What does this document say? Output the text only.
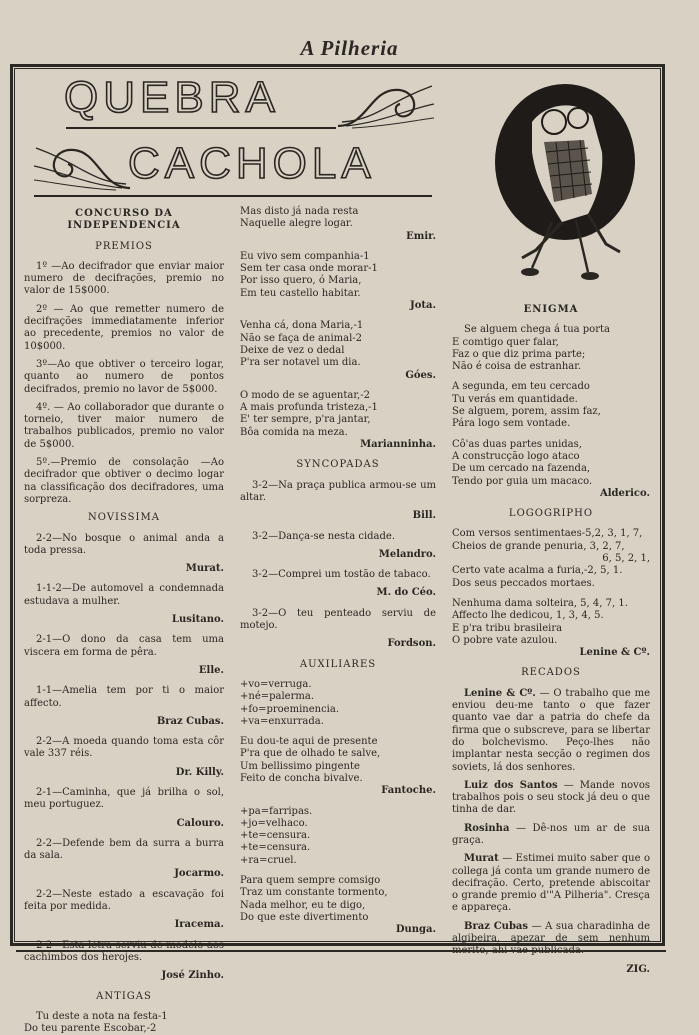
A Pilheria
QUEBRA
CACHOLA

CONCURSO DA INDEPENDENCIA

PREMIOS

1º —Ao decifrador que enviar maior numero de decifrações, premio no valor de 15$000.

2º — Ao que remetter numero de decifrações immediatamente inferior ao precedente, premios no valor de 10$000.

3º—Ao que obtiver o terceiro logar, quanto ao numero de pontos decifrados, premio no lavor de 5$000.

4º. — Ao collaborador que durante o torneio, tiver maior numero de trabalhos publicados, premio no valor de 5$000.

5º.—Premio de consolação —Ao decifrador que obtiver o decimo logar na classificação dos decifradores, uma sorpreza.

NOVISSIMA

2-2—No bosque o animal anda a toda pressa.

Murat.

1-1-2—De automovel a condemnada estudava a mulher.

Lusitano.

2-1—O dono da casa tem uma viscera em forma de pêra.

Elle.

1-1—Amelia tem por ti o maior affecto.

Braz Cubas.

2-2—A moeda quando toma esta côr vale 337 réis.

Dr. Killy.

2-1—Caminha, que já brilha o sol, meu portuguez.

Calouro.

2-2—Defende bem da surra a burra da sala.

Jocarmo.

2-2—Neste estado a escavação foi feita por medida.

Iracema.

2-2—Esta letra serviu de modelo aos cachimbos dos herojes.

José Zinho.

ANTIGAS

Tu deste a nota na festa-1
Do teu parente Escobar,-2
Mas disto já nada resta
Naquelle alegre logar.

Emir.

Eu vivo sem companhia-1
Sem ter casa onde morar-1
Por isso quero, ó Maria,
Em teu castello habitar.

Jota.

Venha cá, dona Maria,-1
Não se faça de animal-2
Deixe de vez o dedal
P'ra ser notavel um dia.

Góes.

O modo de se aguentar,-2
A mais profunda tristeza,-1
E' ter sempre, p'ra jantar,
Bôa comida na meza.

Marianninha.

SYNCOPADAS

3-2—Na praça publica armou-se um altar.

Bill.

3-2—Dança-se nesta cidade.

Melandro.

3-2—Comprei um tostão de tabaco.

M. do Céo.

3-2—O teu penteado serviu de motejo.

Fordson.

AUXILIARES

+vo=verruga.
+né=palerma.
+fo=proeminencia.
+va=enxurrada.
Eu dou-te aqui de presente
P'ra que de olhado te salve,
Um bellissimo pingente
Feito de concha bivalve.

Fantoche.

+pa=farripas.
+jo=velhaco.
+te=censura.
+te=censura.
+ra=cruel.
Para quem sempre comsigo
Traz um constante tormento,
Nada melhor, eu te digo,
Do que este divertimento

Dunga.

ENIGMA

Se alguem chega á tua porta
E comtigo quer falar,
Faz o que diz prima parte;
Não é coisa de estranhar.
A segunda, em teu cercado
Tu verás em quantidade.
Se alguem, porem, assim faz,
Pára logo sem vontade.
Cô'as duas partes unidas,
A construcção logo ataco
De um cercado na fazenda,
Tendo por guia um macaco.

Alderico.

LOGOGRIPHO

Com versos sentimentaes-5,2, 3, 1, 7,
Cheios de grande penuria, 3, 2, 7,
6, 5, 2, 1,
Certo vate acalma a furia,-2, 5, 1.
Dos seus peccados mortaes.
Nenhuma dama solteira, 5, 4, 7, 1.
Affecto lhe dedicou, 1, 3, 4, 5.
E p'ra tribu brasileira
O pobre vate azulou.

Lenine & Cº.

RECADOS

Lenine & Cº. — O trabalho que me enviou deu-me tanto o que fazer quanto vae dar a patria do chefe da firma que o subscreve, para se libertar do bolchevismo. Peço-lhes não implantar nesta secção o regimen dos soviets, lá dos senhores.

Luiz dos Santos — Mande novos trabalhos pois o seu stock já deu o que tinha de dar.

Rosinha — Dê-nos um ar de sua graça.

Murat — Estimei muito saber que o collega já conta um grande numero de decifração. Certo, pretende abiscoitar o grande premio d'"A Pilheria". Cresça e appareça.

Braz Cubas — A sua charadinha de algibeira, apezar de sem nenhum merito, ahi vae publicada.

ZIG.
